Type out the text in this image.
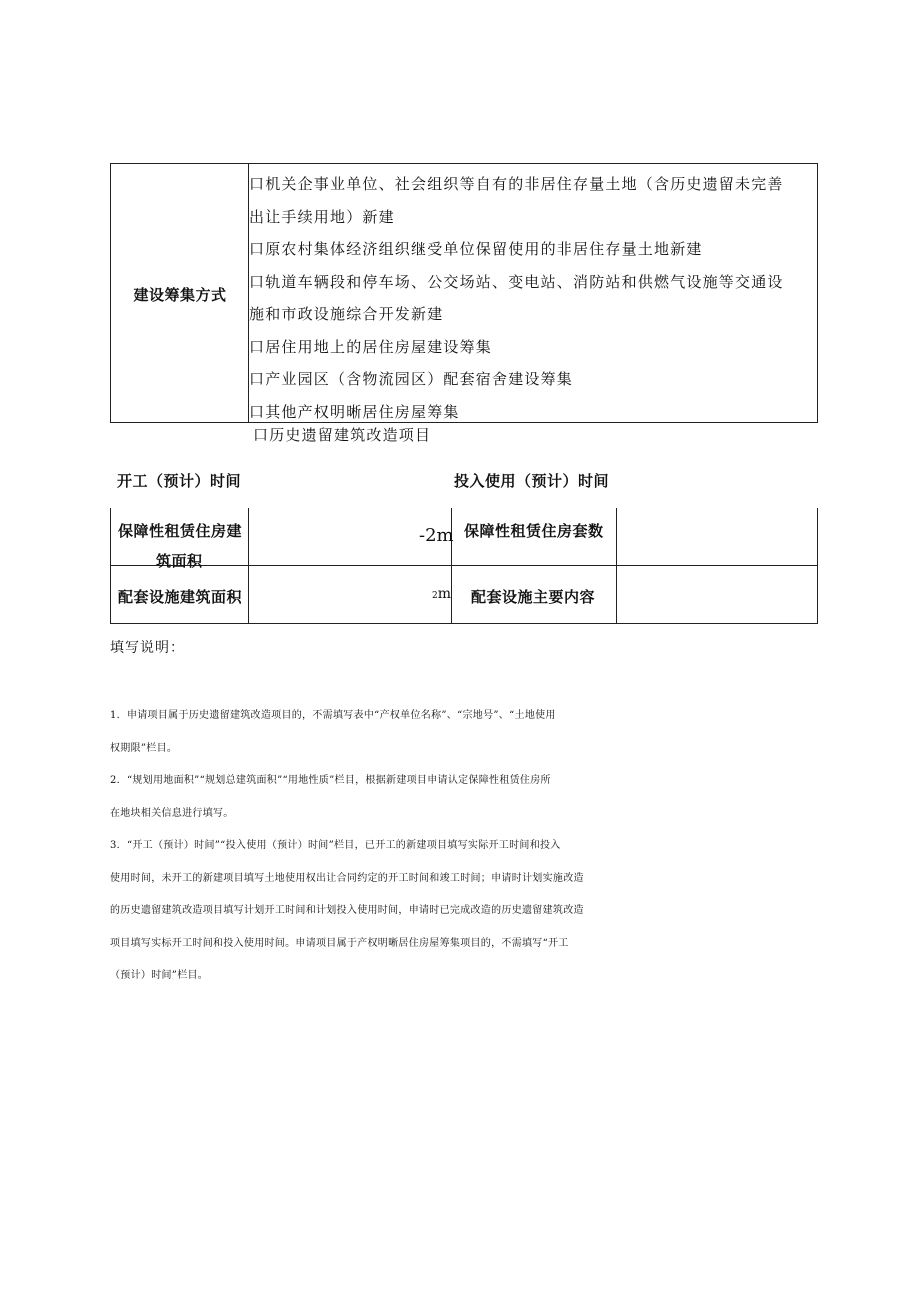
建设筹集方式
口机关企事业单位、社会组织等自有的非居住存量土地（含历史遗留未完善
出让手续用地）新建
口原农村集体经济组织继受单位保留使用的非居住存量土地新建
口轨道车辆段和停车场、公交场站、变电站、消防站和供燃气设施等交通设
施和市政设施综合开发新建
口居住用地上的居住房屋建设筹集
口产业园区（含物流园区）配套宿舍建设筹集
口其他产权明晰居住房屋筹集
口历史遗留建筑改造项目
开工（预计）时间	投入使用（预计）时间
保障性租赁住房建
筑面积
-2m 保障性租赁住房套数
配套设施建筑面积	2m 配套设施主要内容
填写说明：
1．申请项目属于历史遗留建筑改造项目的，不需填写表中“产权单位名称”、“宗地号”、“土地使用
权期限”栏目。
2．“规划用地面积”“规划总建筑面积”“用地性质”栏目，根据新建项目申请认定保障性租赁住房所
在地块相关信息进行填写。
3．“开工（预计）时间”“投入使用（预计）时间”栏目，已开工的新建项目填写实际开工时间和投入
使用时间，未开工的新建项目填写土地使用权出让合同约定的开工时间和竣工时间；申请时计划实施改造
的历史遗留建筑改造项目填写计划开工时间和计划投入使用时间，申请时已完成改造的历史遗留建筑改造
项目填写实标开工时间和投入使用时间。申请项目属于产权明晰居住房屋筹集项目的，不需填写“开工
（预计）时间”栏目。
